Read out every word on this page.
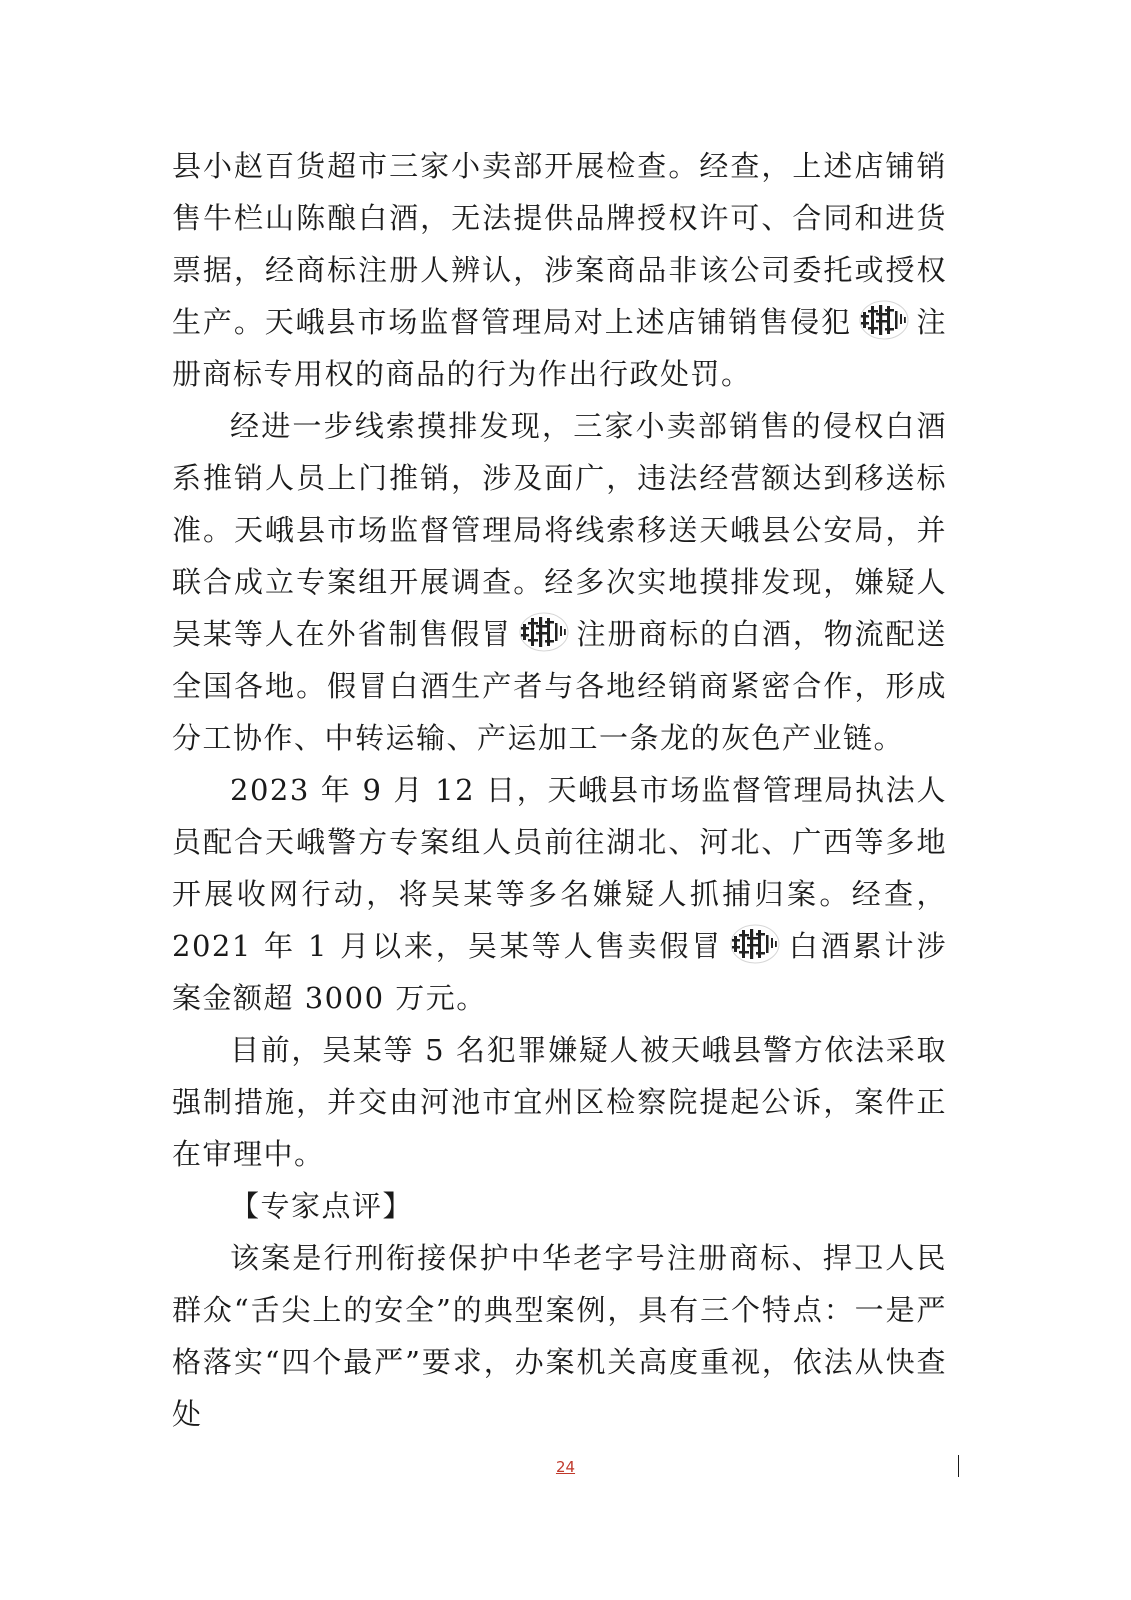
县小赵百货超市三家小卖部开展检查。经查，上述店铺销售牛栏山陈酿白酒，无法提供品牌授权许可、合同和进货票据，经商标注册人辨认，涉案商品非该公司委托或授权生产。天峨县市场监督管理局对上述店铺销售侵犯 注册商标专用权的商品的行为作出行政处罚。

经进一步线索摸排发现，三家小卖部销售的侵权白酒系推销人员上门推销，涉及面广，违法经营额达到移送标准。天峨县市场监督管理局将线索移送天峨县公安局，并联合成立专案组开展调查。经多次实地摸排发现，嫌疑人吴某等人在外省制售假冒 注册商标的白酒，物流配送全国各地。假冒白酒生产者与各地经销商紧密合作，形成分工协作、中转运输、产运加工一条龙的灰色产业链。

2023 年 9 月 12 日，天峨县市场监督管理局执法人员配合天峨警方专案组人员前往湖北、河北、广西等多地开展收网行动，将吴某等多名嫌疑人抓捕归案。经查，2021 年 1 月以来，吴某等人售卖假冒 白酒累计涉案金额超 3000 万元。

目前，吴某等 5 名犯罪嫌疑人被天峨县警方依法采取强制措施，并交由河池市宜州区检察院提起公诉，案件正在审理中。

【专家点评】

该案是行刑衔接保护中华老字号注册商标、捍卫人民群众“舌尖上的安全”的典型案例，具有三个特点：一是严格落实“四个最严”要求，办案机关高度重视，依法从快查处

24
